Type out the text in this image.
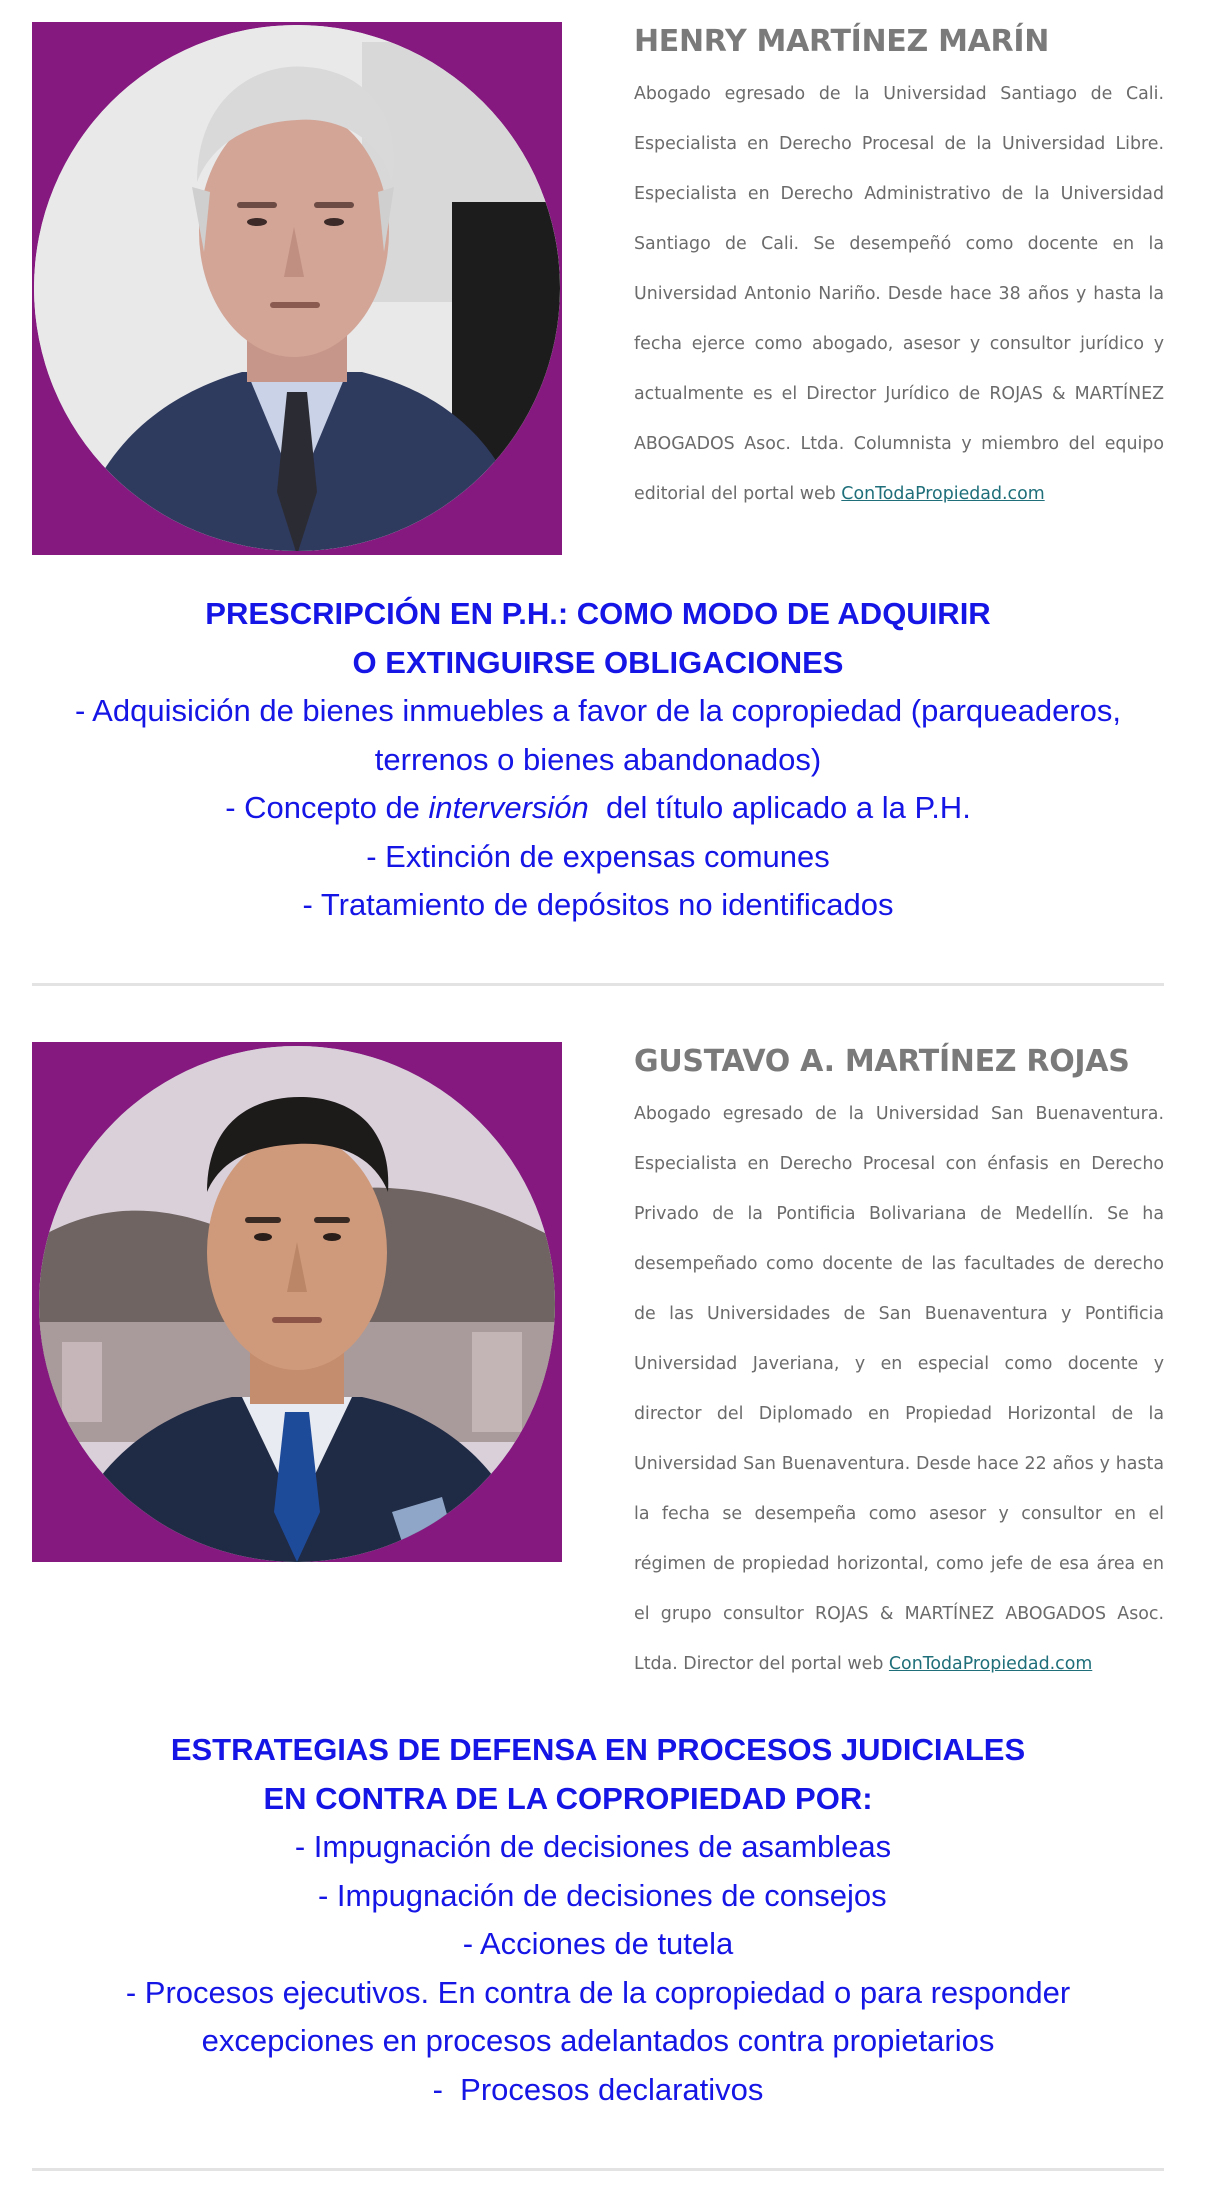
HENRY MARTÍNEZ MARÍN

Abogado egresado de la Universidad Santiago de Cali. Especialista en Derecho Procesal de la Universidad Libre. Especialista en Derecho Administrativo de la Universidad Santiago de Cali. Se desempeñó como docente en la Universidad Antonio Nariño. Desde hace 38 años y hasta la fecha ejerce como abogado, asesor y consultor jurídico y actualmente es el Director Jurídico de ROJAS & MARTÍNEZ ABOGADOS Asoc. Ltda. Columnista y miembro del equipo editorial del portal web ConTodaPropiedad.com

PRESCRIPCIÓN EN P.H.: COMO MODO DE ADQUIRIR
O EXTINGUIRSE OBLIGACIONES
- Adquisición de bienes inmuebles a favor de la copropiedad (parqueaderos, terrenos o bienes abandonados)
- Concepto de interversión  del título aplicado a la P.H.
- Extinción de expensas comunes
- Tratamiento de depósitos no identificados
GUSTAVO A. MARTÍNEZ ROJAS

Abogado egresado de la Universidad San Buenaventura. Especialista en Derecho Procesal con énfasis en Derecho Privado de la Pontificia Bolivariana de Medellín. Se ha desempeñado como docente de las facultades de derecho de las Universidades de San Buenaventura y Pontificia Universidad Javeriana, y en especial como docente y director del Diplomado en Propiedad Horizontal de la Universidad San Buenaventura. Desde hace 22 años y hasta la fecha se desempeña como asesor y consultor en el régimen de propiedad horizontal, como jefe de esa área en el grupo consultor ROJAS & MARTÍNEZ ABOGADOS Asoc. Ltda. Director del portal web ConTodaPropiedad.com

ESTRATEGIAS DE DEFENSA EN PROCESOS JUDICIALES
EN CONTRA DE LA COPROPIEDAD POR:
- Impugnación de decisiones de asambleas
- Impugnación de decisiones de consejos
- Acciones de tutela
- Procesos ejecutivos. En contra de la copropiedad o para responder excepciones en procesos adelantados contra propietarios
-  Procesos declarativos
